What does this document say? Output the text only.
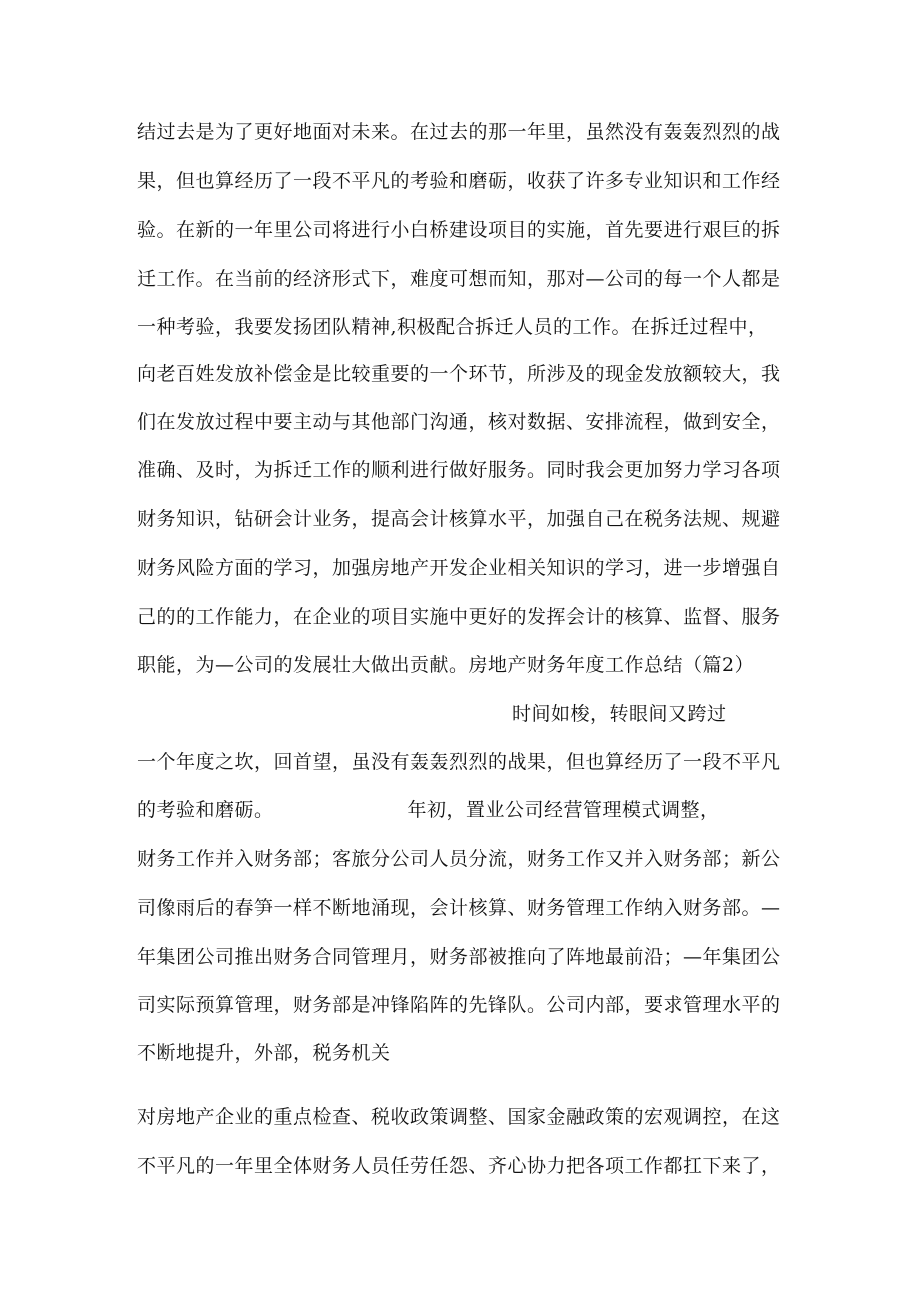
结过去是为了更好地面对未来。在过去的那一年里，虽然没有轰轰烈烈的战
果，但也算经历了一段不平凡的考验和磨砺，收获了许多专业知识和工作经
验。在新的一年里公司将进行小白桥建设项目的实施，首先要进行艰巨的拆
迁工作。在当前的经济形式下，难度可想而知，那对—公司的每一个人都是
一种考验，我要发扬团队精神,积极配合拆迁人员的工作。在拆迁过程中，
向老百姓发放补偿金是比较重要的一个环节，所涉及的现金发放额较大，我
们在发放过程中要主动与其他部门沟通，核对数据、安排流程，做到安全，
准确、及时，为拆迁工作的顺利进行做好服务。同时我会更加努力学习各项
财务知识，钻研会计业务，提高会计核算水平，加强自己在税务法规、规避
财务风险方面的学习，加强房地产开发企业相关知识的学习，进一步增强自
己的的工作能力，在企业的项目实施中更好的发挥会计的核算、监督、服务
职能，为—公司的发展壮大做出贡献。房地产财务年度工作总结（篇2）
时间如梭，转眼间又跨过
一个年度之坎，回首望，虽没有轰轰烈烈的战果，但也算经历了一段不平凡
的考验和磨砺。	年初，置业公司经营管理模式调整，
财务工作并入财务部；客旅分公司人员分流，财务工作又并入财务部；新公
司像雨后的春笋一样不断地涌现，会计核算、财务管理工作纳入财务部。—
年集团公司推出财务合同管理月，财务部被推向了阵地最前沿；—年集团公
司实际预算管理，财务部是冲锋陷阵的先锋队。公司内部，要求管理水平的
不断地提升，外部，税务机关
对房地产企业的重点检查、税收政策调整、国家金融政策的宏观调控，在这
不平凡的一年里全体财务人员任劳任怨、齐心协力把各项工作都扛下来了，
